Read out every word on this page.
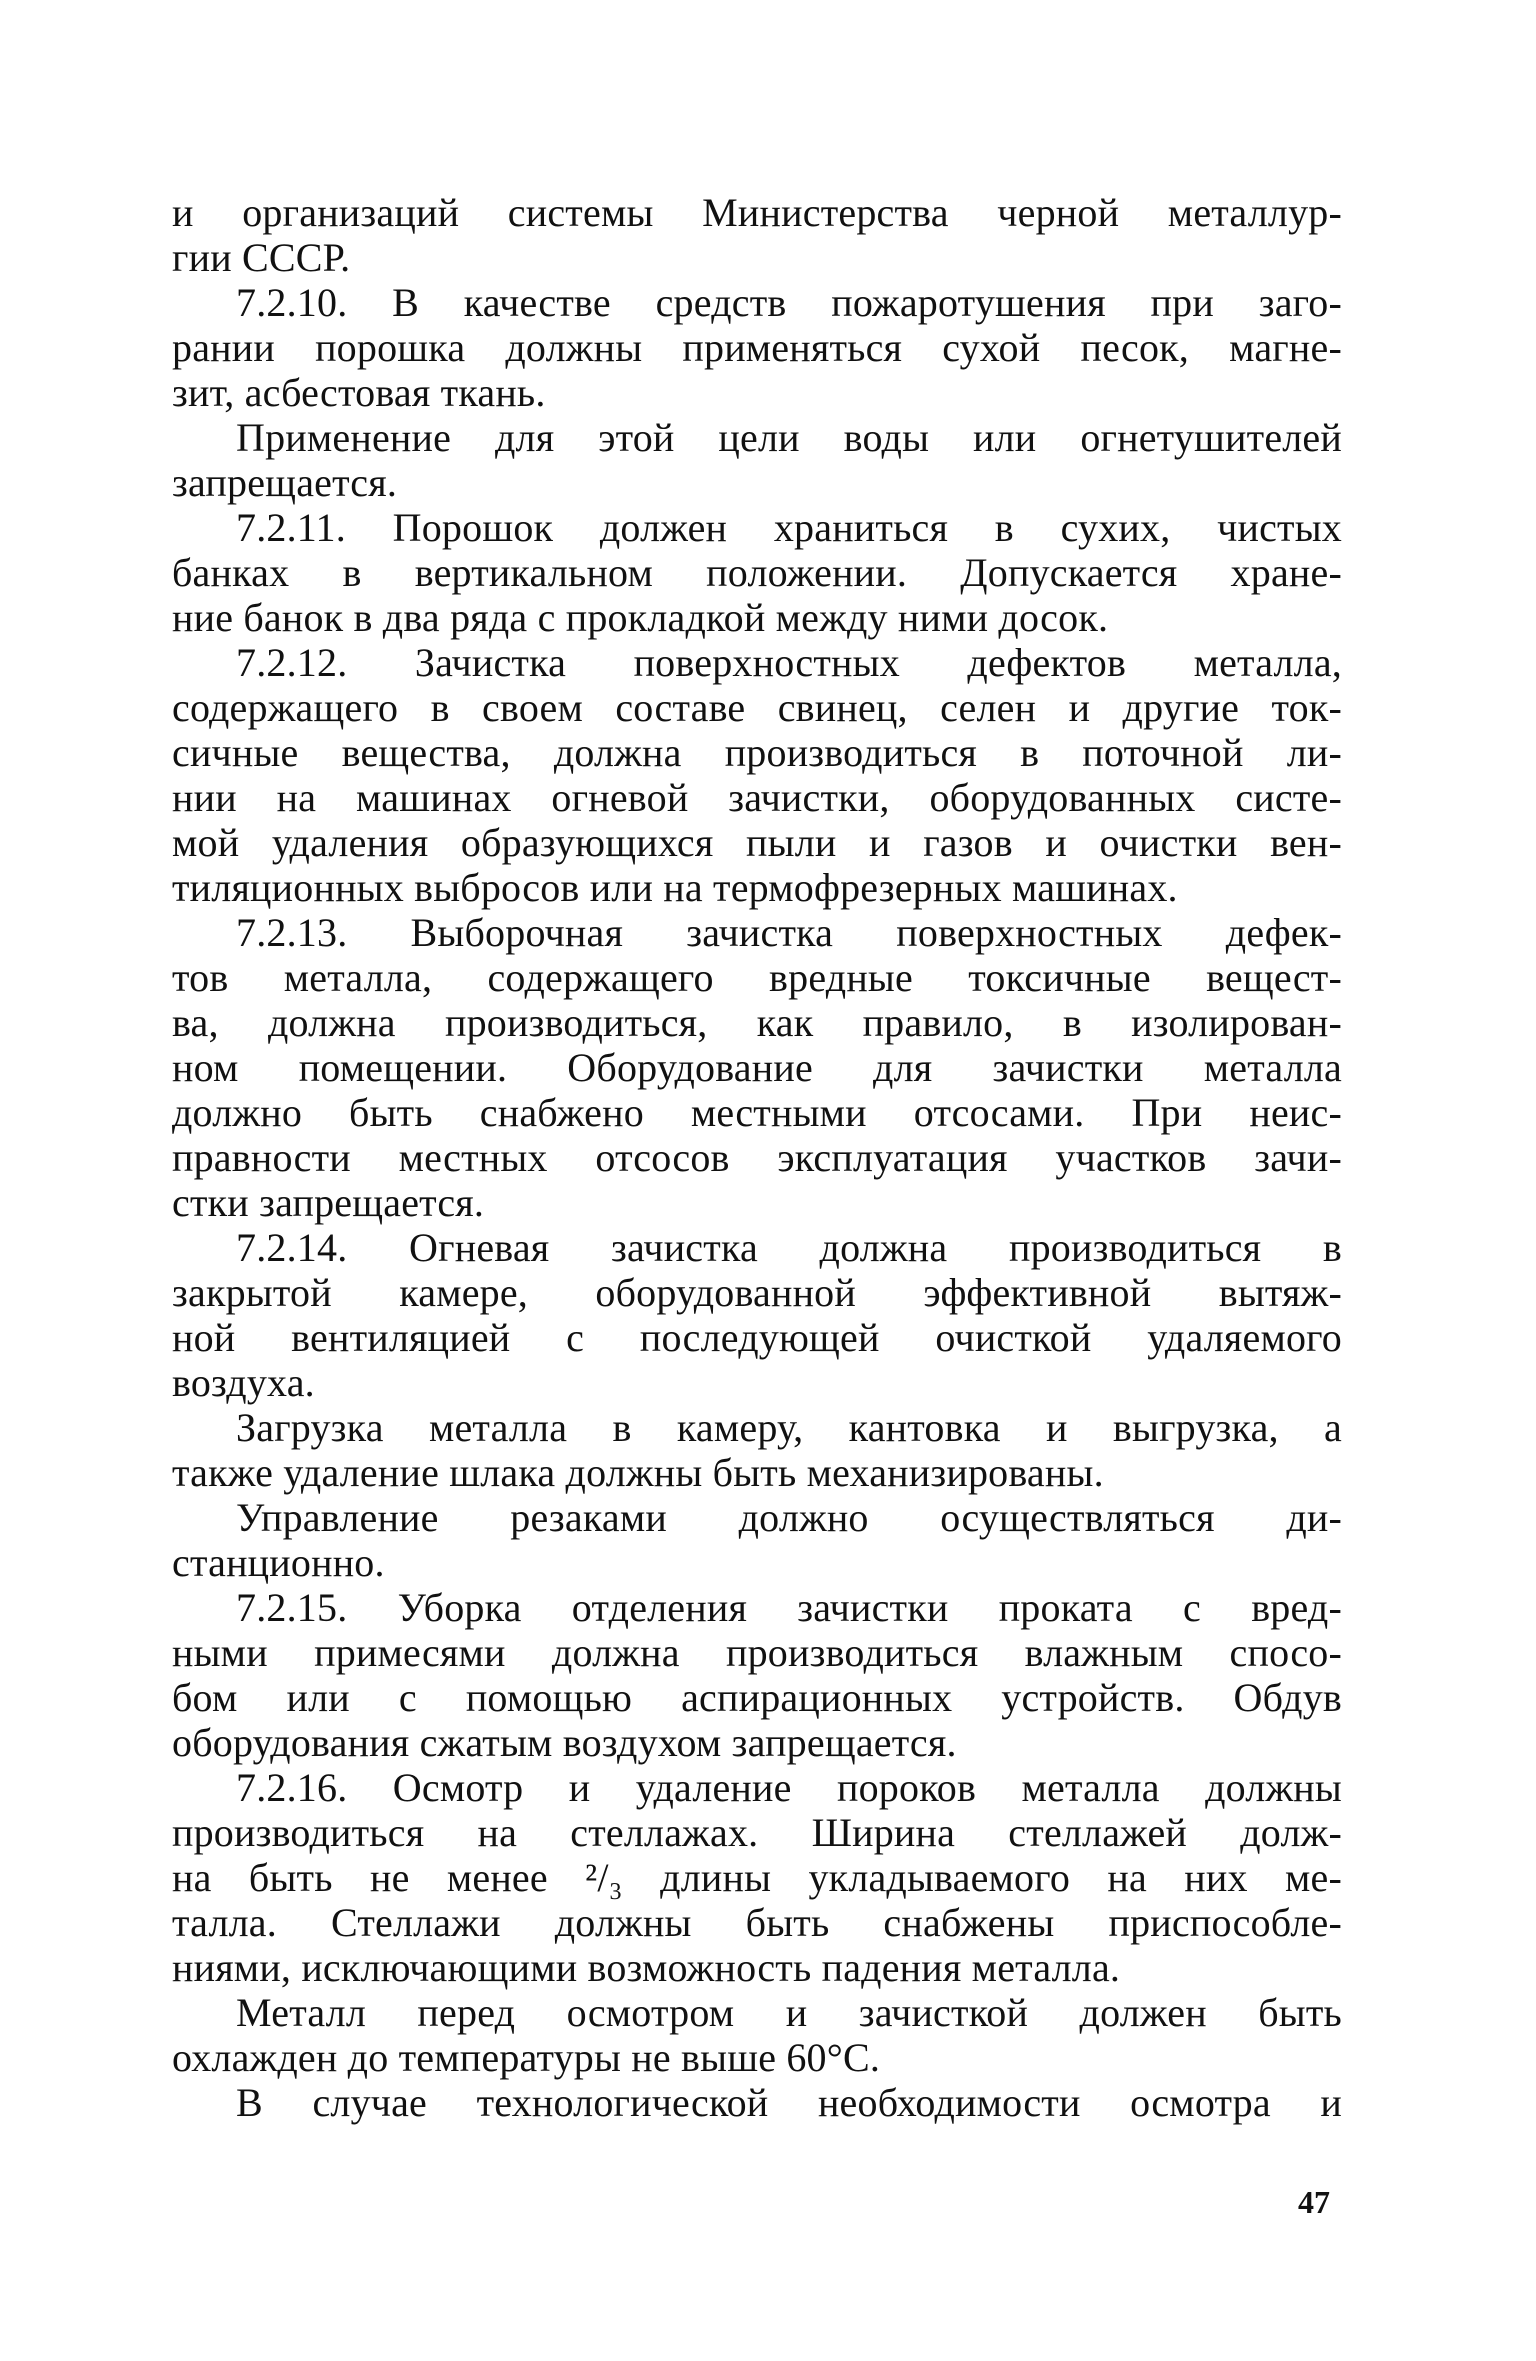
и организаций системы Министерства черной металлур-
гии СССР.
7.2.10. В качестве средств пожаротушения при заго-
рании порошка должны применяться сухой песок, магне-
зит, асбестовая ткань.
Применение для этой цели воды или огнетушителей
запрещается.
7.2.11. Порошок должен храниться в сухих, чистых
банках в вертикальном положении. Допускается хране-
ние банок в два ряда с прокладкой между ними досок.
7.2.12. Зачистка поверхностных дефектов металла,
содержащего в своем составе свинец, селен и другие ток-
сичные вещества, должна производиться в поточной ли-
нии на машинах огневой зачистки, оборудованных систе-
мой удаления образующихся пыли и газов и очистки вен-
тиляционных выбросов или на термофрезерных машинах.
7.2.13. Выборочная зачистка поверхностных дефек-
тов металла, содержащего вредные токсичные вещест-
ва, должна производиться, как правило, в изолирован-
ном помещении. Оборудование для зачистки металла
должно быть снабжено местными отсосами. При неис-
правности местных отсосов эксплуатация участков зачи-
стки запрещается.
7.2.14. Огневая зачистка должна производиться в
закрытой камере, оборудованной эффективной вытяж-
ной вентиляцией с последующей очисткой удаляемого
воздуха.
Загрузка металла в камеру, кантовка и выгрузка, а
также удаление шлака должны быть механизированы.
Управление резаками должно осуществляться ди-
станционно.
7.2.15. Уборка отделения зачистки проката с вред-
ными примесями должна производиться влажным спосо-
бом или с помощью аспирационных устройств. Обдув
оборудования сжатым воздухом запрещается.
7.2.16. Осмотр и удаление пороков металла должны
производиться на стеллажах. Ширина стеллажей долж-
на быть не менее ²/₃ длины укладываемого на них ме-
талла. Стеллажи должны быть снабжены приспособле-
ниями, исключающими возможность падения металла.
Металл перед осмотром и зачисткой должен быть
охлажден до температуры не выше 60°С.
В случае технологической необходимости осмотра и
47
